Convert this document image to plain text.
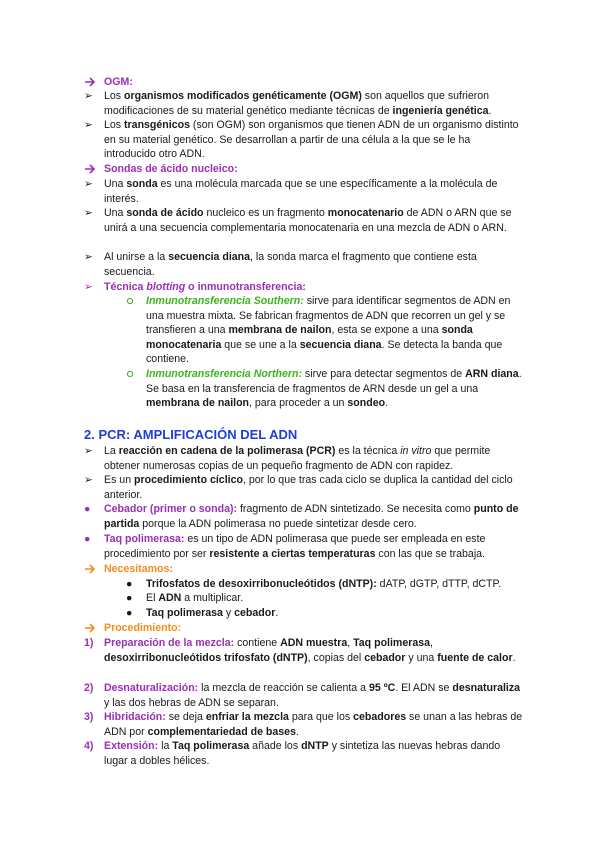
OGM:
➢	Los organismos modificados genéticamente (OGM) son aquellos que sufrieron modificaciones de su material genético mediante técnicas de ingeniería genética.
➢	Los transgénicos (son OGM) son organismos que tienen ADN de un organismo distinto en su material genético. Se desarrollan a partir de una célula a la que se le ha introducido otro ADN.
Sondas de ácido nucleico:
➢	Una sonda es una molécula marcada que se une específicamente a la molécula de interés.
➢	Una sonda de ácido nucleico es un fragmento monocatenario de ADN o ARN que se unirá a una secuencia complementaria monocatenaria en una mezcla de ADN o ARN.
➢	Al unirse a la secuencia diana, la sonda marca el fragmento que contiene esta secuencia.
➢	Técnica blotting o inmunotransferencia:
Inmunotransferencia Southern: sirve para identificar segmentos de ADN en una muestra mixta. Se fabrican fragmentos de ADN que recorren un gel y se transfieren a una membrana de nailon, esta se expone a una sonda monocatenaria que se une a la secuencia diana. Se detecta la banda que contiene.
Inmunotransferencia Northern: sirve para detectar segmentos de ARN diana. Se basa en la transferencia de fragmentos de ARN desde un gel a una membrana de nailon, para proceder a un sondeo.
2. PCR: AMPLIFICACIÓN DEL ADN
➢	La reacción en cadena de la polimerasa (PCR) es la técnica in vitro que permite obtener numerosas copias de un pequeño fragmento de ADN con rapidez.
➢	Es un procedimiento cíclico, por lo que tras cada ciclo se duplica la cantidad del ciclo anterior.
●	Cebador (primer o sonda): fragmento de ADN sintetizado. Se necesita como punto de partida porque la ADN polimerasa no puede sintetizar desde cero.
●	Taq polimerasa: es un tipo de ADN polimerasa que puede ser empleada en este procedimiento por ser resistente a ciertas temperaturas con las que se trabaja.
Necesitamos:
●	Trifosfatos de desoxirribonucleótidos (dNTP): dATP, dGTP, dTTP, dCTP.
●	El ADN a multiplicar.
●	Taq polimerasa y cebador.
Procedimiento:
1) Preparación de la mezcla: contiene ADN muestra, Taq polimerasa, desoxirribonucleótidos trifosfato (dNTP), copias del cebador y una fuente de calor.
2) Desnaturalización: la mezcla de reacción se calienta a 95 ºC. El ADN se desnaturaliza y las dos hebras de ADN se separan.
3) Hibridación: se deja enfriar la mezcla para que los cebadores se unan a las hebras de ADN por complementariedad de bases.
4) Extensión: la Taq polimerasa añade los dNTP y sintetiza las nuevas hebras dando lugar a dobles hélices.
